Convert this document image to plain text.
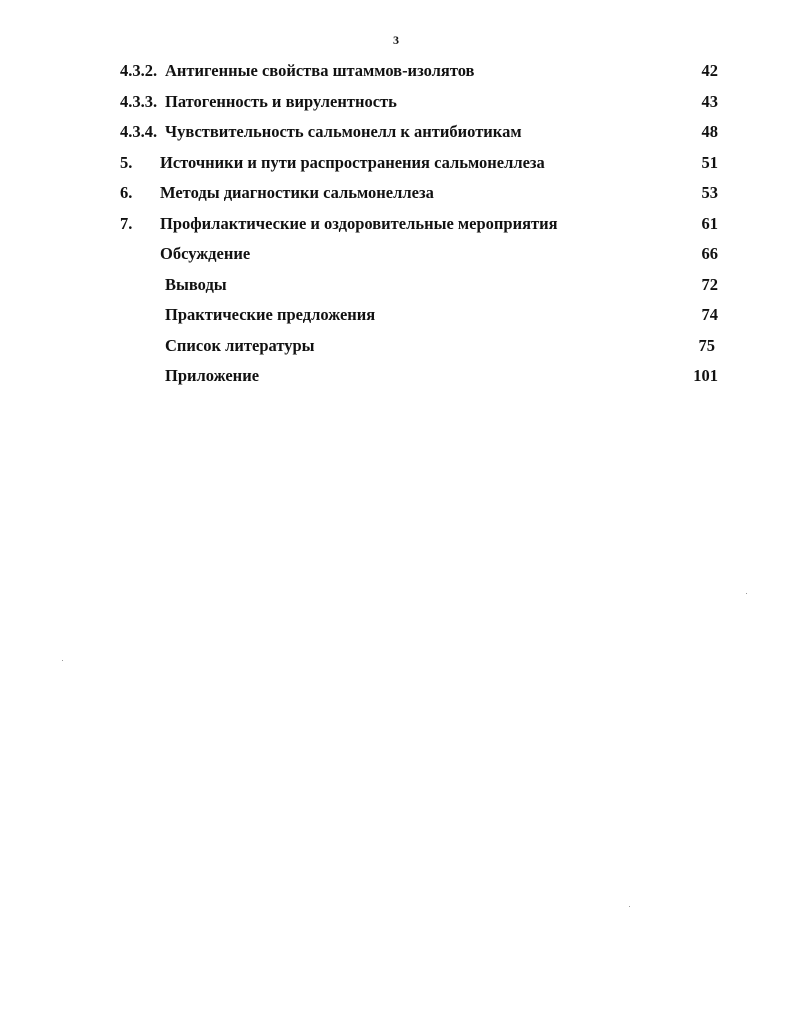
3
4.3.2. Антигенные свойства штаммов-изолятов	42
4.3.3. Патогенность и вирулентность	43
4.3.4. Чувствительность сальмонелл к антибиотикам	48
5. Источники и пути распространения сальмонеллеза	51
6. Методы диагностики сальмонеллеза	53
7. Профилактические и оздоровительные мероприятия	61
Обсуждение	66
Выводы	72
Практические предложения	74
Список литературы	75
Приложение	101
